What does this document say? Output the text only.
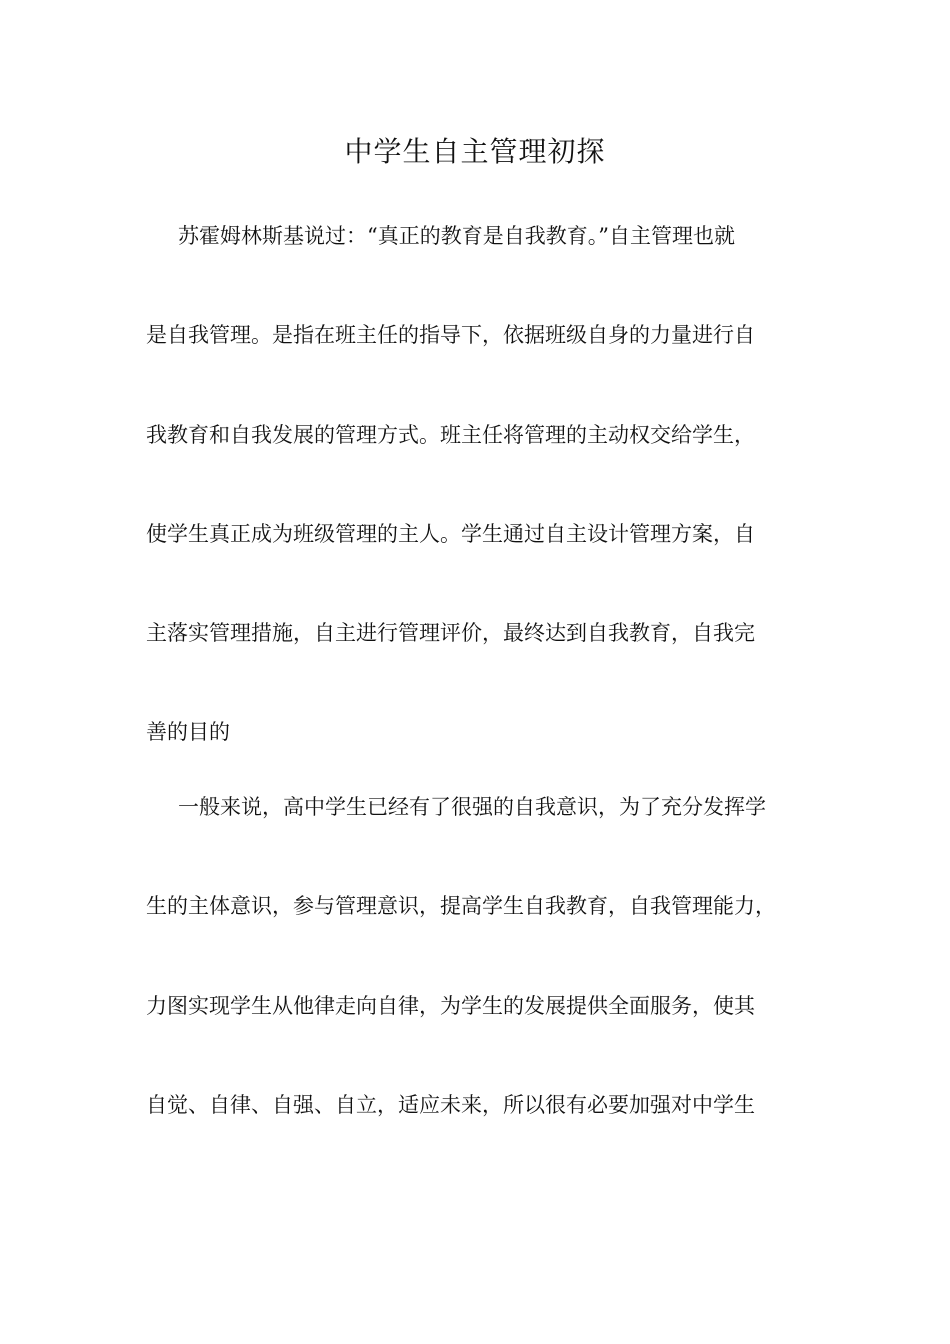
中学生自主管理初探

苏霍姆林斯基说过：“真正的教育是自我教育。”自主管理也就

是自我管理。是指在班主任的指导下，依据班级自身的力量进行自

我教育和自我发展的管理方式。班主任将管理的主动权交给学生，

使学生真正成为班级管理的主人。学生通过自主设计管理方案，自

主落实管理措施，自主进行管理评价，最终达到自我教育，自我完

善的目的

一般来说，高中学生已经有了很强的自我意识，为了充分发挥学

生的主体意识，参与管理意识，提高学生自我教育，自我管理能力，

力图实现学生从他律走向自律，为学生的发展提供全面服务，使其

自觉、自律、自强、自立，适应未来，所以很有必要加强对中学生
